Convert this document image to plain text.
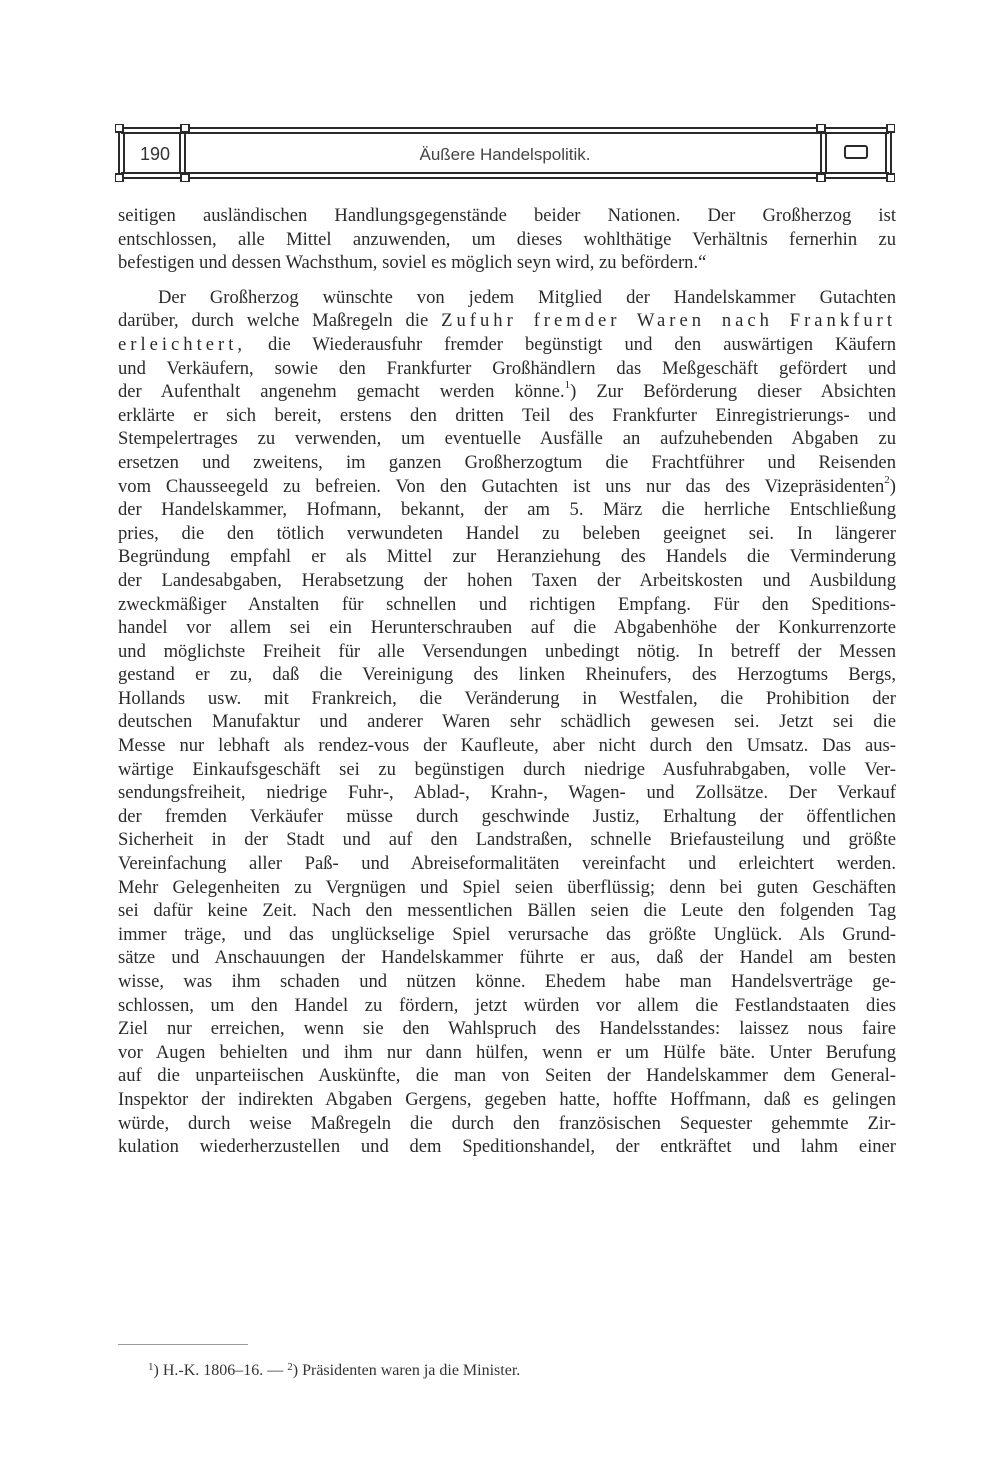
190	Äußere Handelspolitik.
seitigen ausländischen Handlungsgegenstände beider Nationen. Der Großherzog ist
entschlossen, alle Mittel anzuwenden, um dieses wohlthätige Verhältnis fernerhin zu
befestigen und dessen Wachsthum, soviel es möglich seyn wird, zu befördern.“
Der Großherzog wünschte von jedem Mitglied der Handelskammer Gutachten
darüber, durch welche Maßregeln die Zufuhr fremder Waren nach Frankfurt
erleichtert, die Wiederausfuhr fremder begünstigt und den auswärtigen Käufern
und Verkäufern, sowie den Frankfurter Großhändlern das Meßgeschäft gefördert und
der Aufenthalt angenehm gemacht werden könne.$^1$) Zur Beförderung dieser Absichten
erklärte er sich bereit, erstens den dritten Teil des Frankfurter Einregistrierungs- und
Stempelertrages zu verwenden, um eventuelle Ausfälle an aufzuhebenden Abgaben zu
ersetzen und zweitens, im ganzen Großherzogtum die Frachtführer und Reisenden
vom Chausseegeld zu befreien. Von den Gutachten ist uns nur das des Vizepräsidenten$^2$)
der Handelskammer, Hofmann, bekannt, der am 5. März die herrliche Entschließung
pries, die den tötlich verwundeten Handel zu beleben geeignet sei. In längerer
Begründung empfahl er als Mittel zur Heranziehung des Handels die Verminderung
der Landesabgaben, Herabsetzung der hohen Taxen der Arbeitskosten und Ausbildung
zweckmäßiger Anstalten für schnellen und richtigen Empfang. Für den Speditions-
handel vor allem sei ein Herunterschrauben auf die Abgabenhöhe der Konkurrenzorte
und möglichste Freiheit für alle Versendungen unbedingt nötig. In betreff der Messen
gestand er zu, daß die Vereinigung des linken Rheinufers, des Herzogtums Bergs,
Hollands usw. mit Frankreich, die Veränderung in Westfalen, die Prohibition der
deutschen Manufaktur und anderer Waren sehr schädlich gewesen sei. Jetzt sei die
Messe nur lebhaft als rendez-vous der Kaufleute, aber nicht durch den Umsatz. Das aus-
wärtige Einkaufsgeschäft sei zu begünstigen durch niedrige Ausfuhrabgaben, volle Ver-
sendungsfreiheit, niedrige Fuhr-, Ablad-, Krahn-, Wagen- und Zollsätze. Der Verkauf
der fremden Verkäufer müsse durch geschwinde Justiz, Erhaltung der öffentlichen
Sicherheit in der Stadt und auf den Landstraßen, schnelle Briefausteilung und größte
Vereinfachung aller Paß- und Abreiseformalitäten vereinfacht und erleichtert werden.
Mehr Gelegenheiten zu Vergnügen und Spiel seien überflüssig; denn bei guten Geschäften
sei dafür keine Zeit. Nach den messentlichen Bällen seien die Leute den folgenden Tag
immer träge, und das unglückselige Spiel verursache das größte Unglück. Als Grund-
sätze und Anschauungen der Handelskammer führte er aus, daß der Handel am besten
wisse, was ihm schaden und nützen könne. Ehedem habe man Handelsverträge ge-
schlossen, um den Handel zu fördern, jetzt würden vor allem die Festlandstaaten dies
Ziel nur erreichen, wenn sie den Wahlspruch des Handelsstandes: laissez nous faire
vor Augen behielten und ihm nur dann hülfen, wenn er um Hülfe bäte. Unter Berufung
auf die unparteiischen Auskünfte, die man von Seiten der Handelskammer dem General-
Inspektor der indirekten Abgaben Gergens, gegeben hatte, hoffte Hoffmann, daß es gelingen
würde, durch weise Maßregeln die durch den französischen Sequester gehemmte Zir-
kulation wiederherzustellen und dem Speditionshandel, der entkräftet und lahm einer
$^1$) H.-K. 1806–16. — $^2$) Präsidenten waren ja die Minister.
